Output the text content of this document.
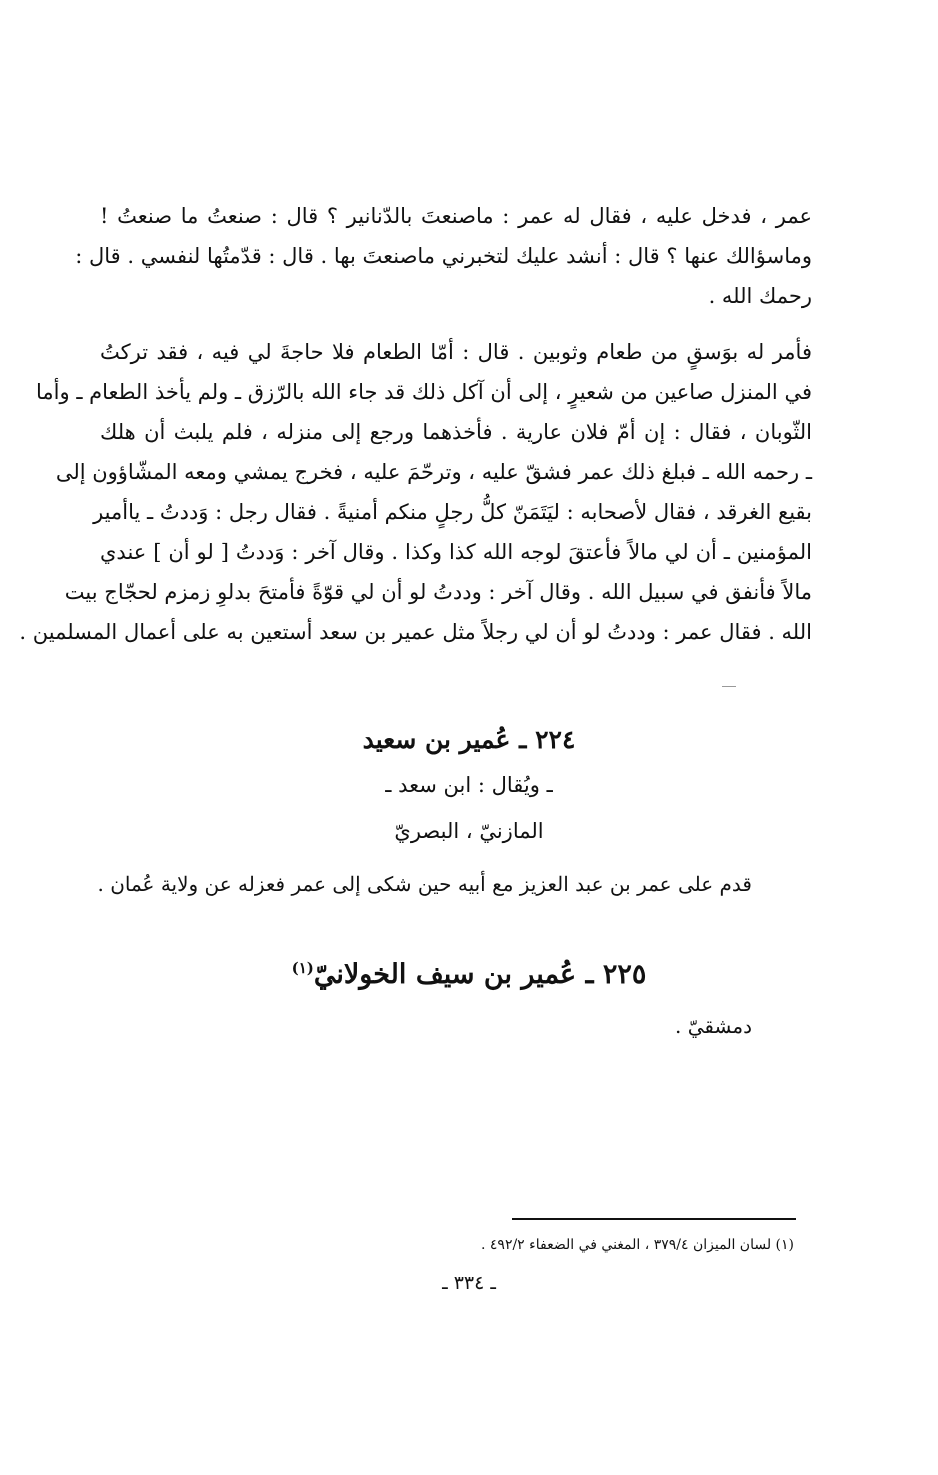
عمر ، فدخل عليه ، فقال له عمر : ماصنعتَ بالدّنانير ؟ قال : صنعتُ ما صنعتُ !
وماسؤالك عنها ؟ قال : أنشد عليك لتخبرني ماصنعتَ بها . قال : قدّمتُها لنفسي . قال :
رحمك الله .
فأمر له بوَسقٍ من طعام وثوبين . قال : أمّا الطعام فلا حاجةَ لي فيه ، فقد تركتُ
في المنزل صاعين من شعيرٍ ، إلى أن آكل ذلك قد جاء الله بالرّزق ـ ولم يأخذ الطعام ـ وأما
الثّوبان ، فقال : إن أمّ فلان عارية . فأخذهما ورجع إلى منزله ، فلم يلبث أن هلك
ـ رحمه الله ـ فبلغ ذلك عمر فشقّ عليه ، وترحّمَ عليه ، فخرج يمشي ومعه المشّاؤون إلى
بقيع الغرقد ، فقال لأصحابه : ليَتَمَنّ كلُّ رجلٍ منكم أمنيةً . فقال رجل : وَددتُ ـ ياأمير
المؤمنين ـ أن لي مالاً فأعتقَ لوجه الله كذا وكذا . وقال آخر : وَددتُ [ لو أن ] عندي
مالاً فأنفق في سبيل الله . وقال آخر : وددتُ لو أن لي قوّةً فأمتحَ بدلوِ زمزم لحجّاج بيت
الله . فقال عمر : وددتُ لو أن لي رجلاً مثل عمير بن سعد أستعين به على أعمال المسلمين .
٢٢٤ ـ عُمير بن سعيد
ـ ويُقال : ابن سعد ـ
المازنيّ ، البصريّ
قدم على عمر بن عبد العزيز مع أبيه حين شكى إلى عمر فعزله عن ولاية عُمان .
٢٢٥ ـ عُمير بن سيف الخولانيّ$^{(١)}$
دمشقيّ .
(١) لسان الميزان ٣٧٩/٤ ، المغني في الضعفاء ٤٩٢/٢ .
ـ ٣٣٤ ـ
